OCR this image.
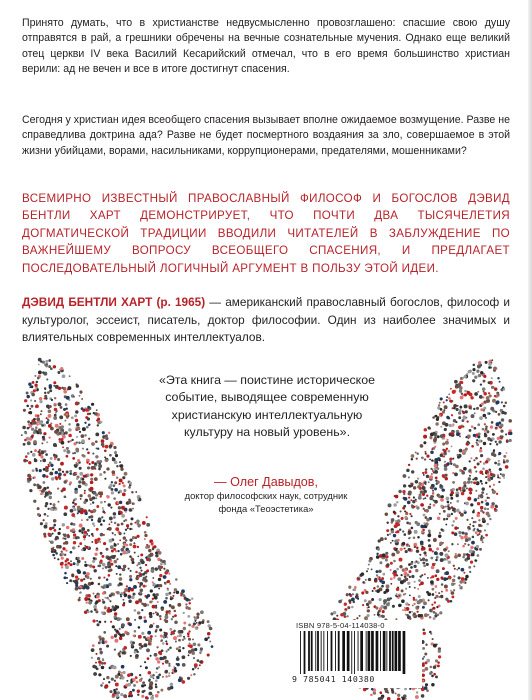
Принято думать, что в христианстве недвусмысленно провозглашено: спасшие свою душу отправятся в рай, а грешники обречены на вечные сознательные мучения. Однако еще великий отец церкви IV века Василий Кесарийский отмечал, что в его время большинство христиан верили: ад не вечен и все в итоге достигнут спасения.

Сегодня у христиан идея всеобщего спасения вызывает вполне ожидаемое возмущение. Разве не справедлива доктрина ада? Разве не будет посмертного воздаяния за зло, совершаемое в этой жизни убийцами, ворами, насильниками, коррупционерами, предателями, мошенниками?

ВСЕМИРНО ИЗВЕСТНЫЙ ПРАВОСЛАВНЫЙ ФИЛОСОФ И БОГОСЛОВ ДЭВИД БЕНТЛИ ХАРТ ДЕМОНСТРИРУЕТ, ЧТО ПОЧТИ ДВА ТЫСЯЧЕЛЕТИЯ ДОГМАТИЧЕСКОЙ ТРАДИЦИИ ВВОДИЛИ ЧИТАТЕЛЕЙ В ЗАБЛУЖДЕНИЕ ПО ВАЖНЕЙШЕМУ ВОПРОСУ ВСЕОБЩЕГО СПАСЕНИЯ, И ПРЕДЛАГАЕТ ПОСЛЕДОВАТЕЛЬНЫЙ ЛОГИЧНЫЙ АРГУМЕНТ В ПОЛЬЗУ ЭТОЙ ИДЕИ.

ДЭВИД БЕНТЛИ ХАРТ (р. 1965) — американский православный богослов, философ и культуролог, эссеист, писатель, доктор философии. Один из наиболее значимых и влиятельных современных интеллектуалов.

«Эта книга — поистине историческое событие, выводящее современную христианскую интеллектуальную культуру на новый уровень».

— Олег Давыдов,
доктор философских наук, сотрудник фонда «Теоэстетика»

ISBN 978-5-04-114038-0
9 785041 140380
